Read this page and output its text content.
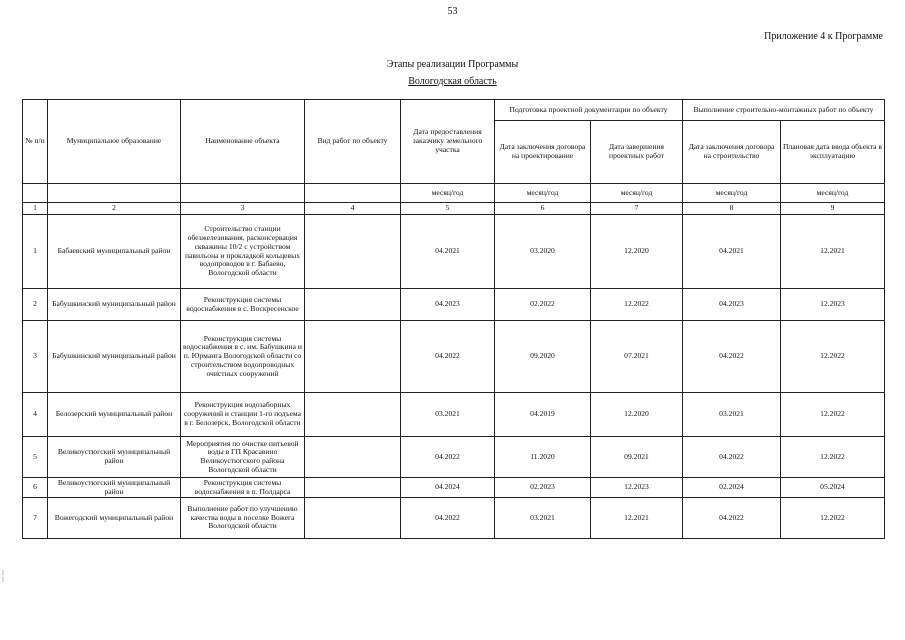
53
Приложение 4 к Программе
Этапы реализации Программы
Вологодская область
№ п/п	Муниципальное образование	Наименование объекта	Вид работ по объекту	Дата предоставления заказчику земельного участка	Подготовка проектной документации по объекту		Выполнение строительно-монтажных работ по объекту	
					Дата заключения договора на проектирование	Дата завершения проектных работ	Дата заключения договора на строительство	Плановая дата ввода объекта в эксплуатацию
				месяц/год	месяц/год	месяц/год	месяц/год	месяц/год
1	2	3	4	5	6	7	8	9
1	Бабаевский муниципальный район	Строительство станции обезжелезивания, расконсервация скважины 10/2 с устройством павильона и прокладкой кольцевых водопроводов в г. Бабаево, Вологодской области		04.2021	03.2020	12.2020	04.2021	12.2021
2	Бабушкинский муниципальный район	Реконструкция системы водоснабжения в с. Воскресенское		04.2023	02.2022	12.2022	04.2023	12.2023
3	Бабушкинский муниципальный район	Реконструкция системы водоснабжения в с. им. Бабушкина и п. Юрманга Вологодской области со строительством водопроводных очистных сооружений		04.2022	09.2020	07.2021	04.2022	12.2022
4	Белозерский муниципальный район	Реконструкция водозаборных сооружений и станции 1-го подъема в г. Белозерск, Вологодской области		03.2021	04.2019	12.2020	03.2021	12.2022
5	Великоустюгский муниципальный район	Мероприятия по очистке питьевой воды в ГП Красавино Великоустюгского района Вологодской области		04.2022	11.2020	09.2021	04.2022	12.2022
6	Великоустюгский муниципальный район	Реконструкция системы водоснабжения в п. Полдарса		04.2024	02.2023	12.2023	02.2024	05.2024
7	Вожегодский муниципальный район	Выполнение работ по улучшению качества воды в поселке Вожега Вологодской области		04.2022	03.2021	12.2021	04.2022	12.2022
⁞
⁞
